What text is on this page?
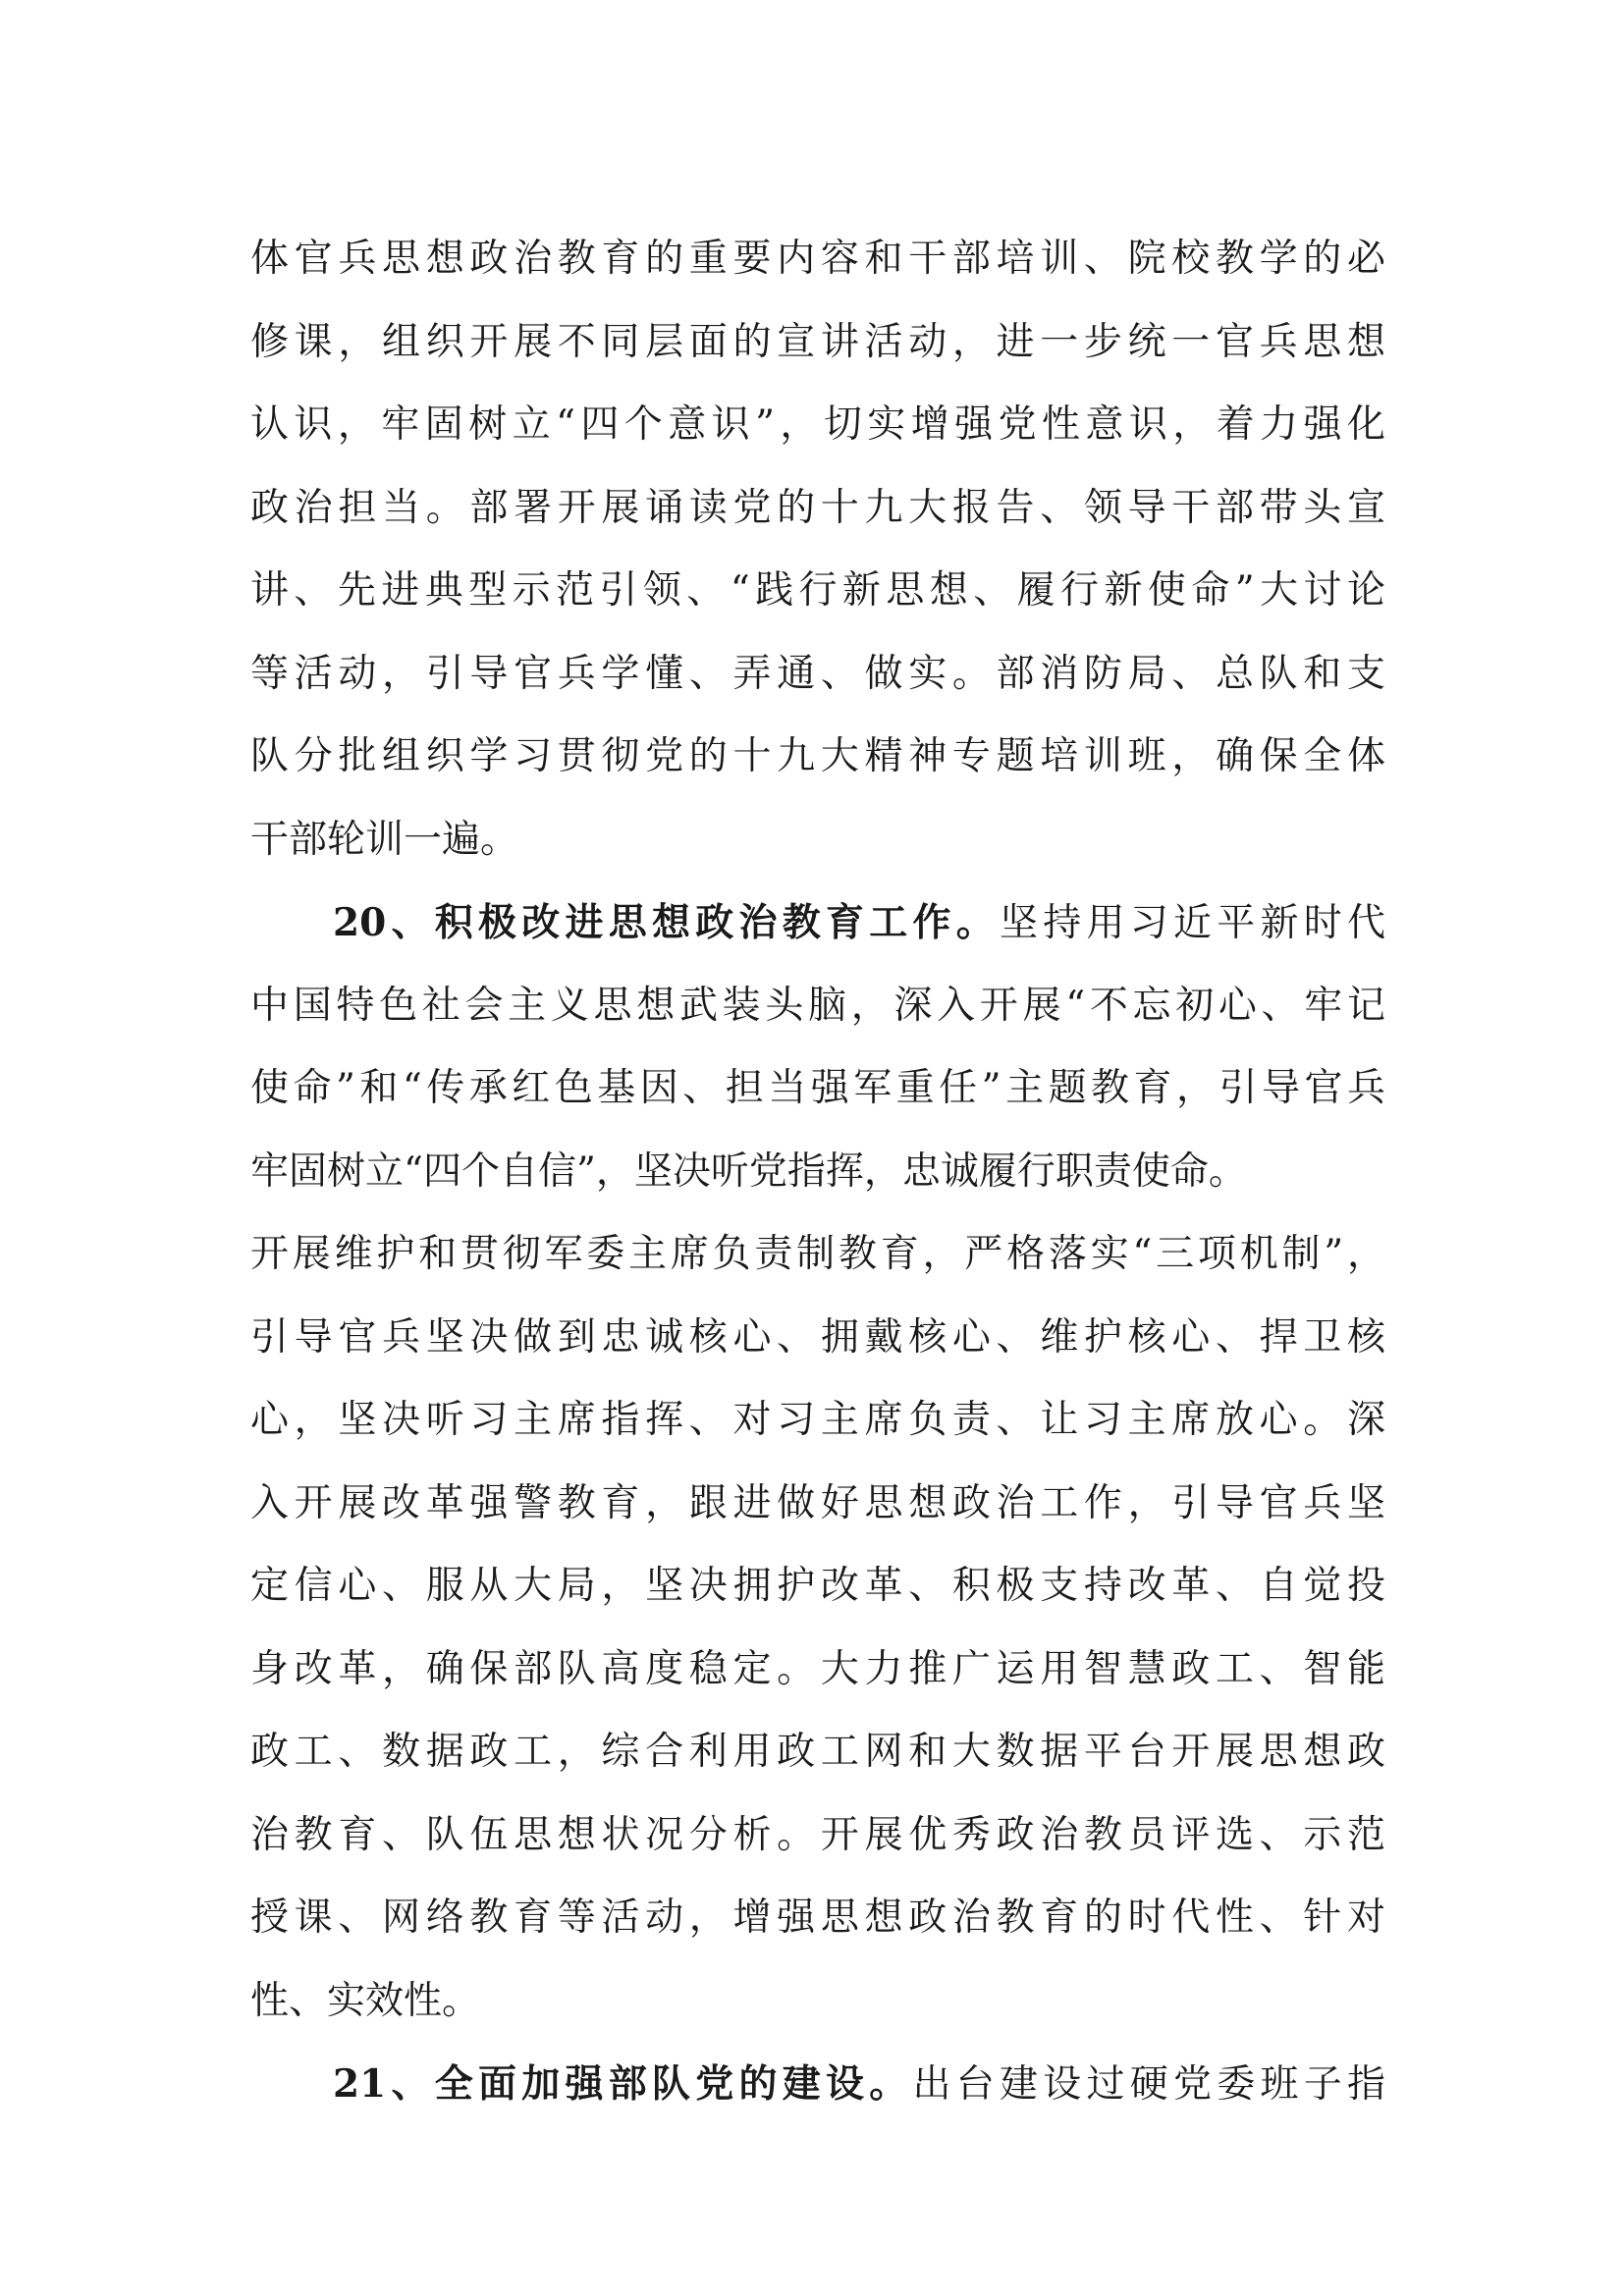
体官兵思想政治教育的重要内容和干部培训、院校教学的必
修课，组织开展不同层面的宣讲活动，进一步统一官兵思想
认识，牢固树立“四个意识”，切实增强党性意识，着力强化
政治担当。部署开展诵读党的十九大报告、领导干部带头宣
讲、先进典型示范引领、“践行新思想、履行新使命”大讨论
等活动，引导官兵学懂、弄通、做实。部消防局、总队和支
队分批组织学习贯彻党的十九大精神专题培训班，确保全体
干部轮训一遍。
20、积极改进思想政治教育工作。坚持用习近平新时代
中国特色社会主义思想武装头脑，深入开展“不忘初心、牢记
使命”和“传承红色基因、担当强军重任”主题教育，引导官兵
牢固树立“四个自信”，坚决听党指挥，忠诚履行职责使命。
开展维护和贯彻军委主席负责制教育，严格落实“三项机制”，
引导官兵坚决做到忠诚核心、拥戴核心、维护核心、捍卫核
心，坚决听习主席指挥、对习主席负责、让习主席放心。深
入开展改革强警教育，跟进做好思想政治工作，引导官兵坚
定信心、服从大局，坚决拥护改革、积极支持改革、自觉投
身改革，确保部队高度稳定。大力推广运用智慧政工、智能
政工、数据政工，综合利用政工网和大数据平台开展思想政
治教育、队伍思想状况分析。开展优秀政治教员评选、示范
授课、网络教育等活动，增强思想政治教育的时代性、针对
性、实效性。
21、全面加强部队党的建设。出台建设过硬党委班子指
